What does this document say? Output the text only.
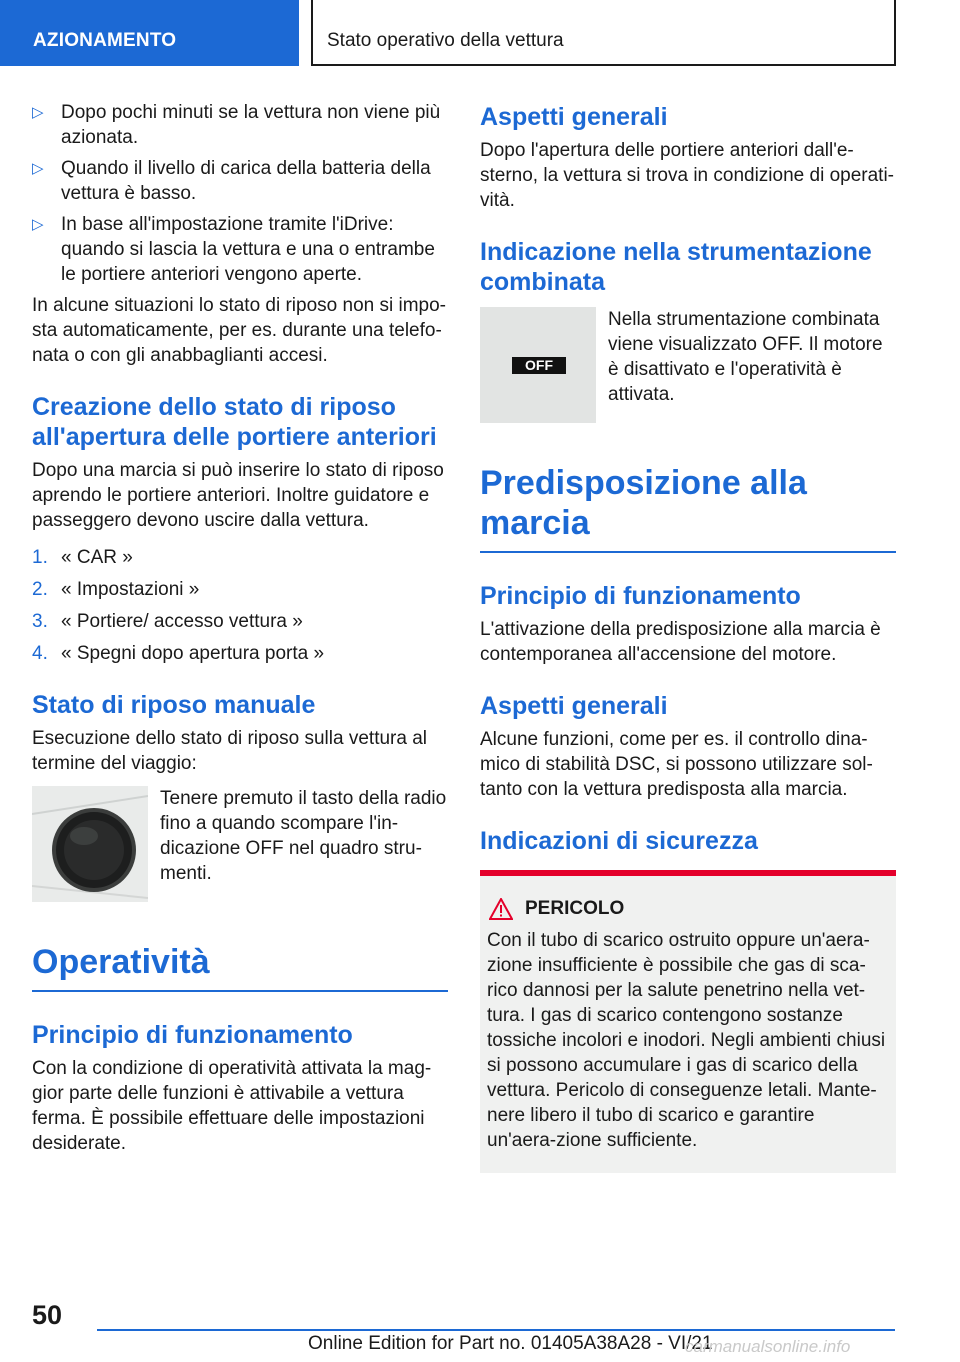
AZIONAMENTO	Stato operativo della vettura
▷ Dopo pochi minuti se la vettura non viene più azionata.
▷ Quando il livello di carica della batteria della vettura è basso.
▷ In base all'impostazione tramite l'iDrive: quando si lascia la vettura e una o entrambe le portiere anteriori vengono aperte.

In alcune situazioni lo stato di riposo non si impo-sta automaticamente, per es. durante una telefo-nata o con gli anabbaglianti accesi.

Creazione dello stato di riposo all'apertura delle portiere anteriori

Dopo una marcia si può inserire lo stato di riposo aprendo le portiere anteriori. Inoltre guidatore e passeggero devono uscire dalla vettura.

1. « CAR »
2. « Impostazioni »
3. « Portiere/ accesso vettura »
4. « Spegni dopo apertura porta »
Stato di riposo manuale

Esecuzione dello stato di riposo sulla vettura al termine del viaggio:

Tenere premuto il tasto della radio fino a quando scompare l'in-dicazione OFF nel quadro stru-menti.
Operatività
Principio di funzionamento

Con la condizione di operatività attivata la mag-gior parte delle funzioni è attivabile a vettura ferma. È possibile effettuare delle impostazioni desiderate.

Aspetti generali

Dopo l'apertura delle portiere anteriori dall'e-sterno, la vettura si trova in condizione di operati-vità.

Indicazione nella strumentazione combinata
OFF
Nella strumentazione combinata viene visualizzato OFF. Il motore è disattivato e l'operatività è attivata.
Predisposizione alla marcia
Principio di funzionamento

L'attivazione della predisposizione alla marcia è contemporanea all'accensione del motore.

Aspetti generali

Alcune funzioni, come per es. il controllo dina-mico di stabilità DSC, si possono utilizzare sol-tanto con la vettura predisposta alla marcia.

Indicazioni di sicurezza
PERICOLO

Con il tubo di scarico ostruito oppure un'aera-zione insufficiente è possibile che gas di sca-rico dannosi per la salute penetrino nella vet-tura. I gas di scarico contengono sostanze tossiche incolori e inodori. Negli ambienti chiusi si possono accumulare i gas di scarico della vettura. Pericolo di conseguenze letali. Mante-nere libero il tubo di scarico e garantire un'aera-zione sufficiente.

50
Online Edition for Part no. 01405A38A28 - VI/21
carmanualsonline.info
